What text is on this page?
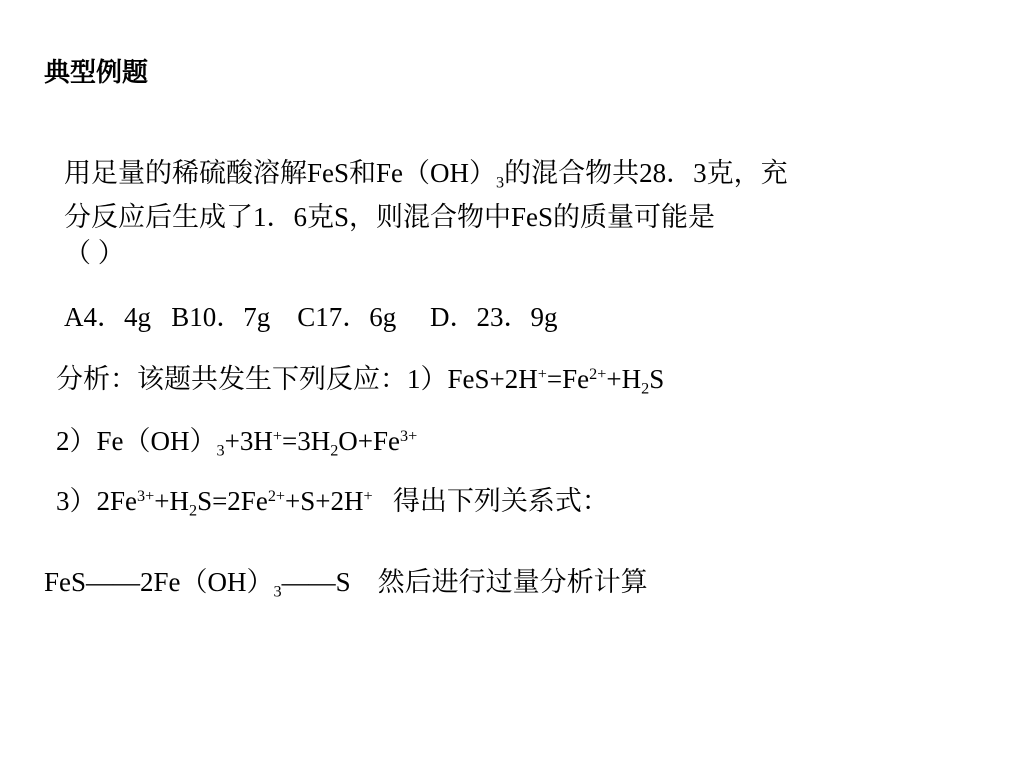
典型例题
用足量的稀硫酸溶解FeS和$Fe(OH)_3$的混合物共28．3克，充
分反应后生成了1．6克S，则混合物中FeS的质量可能是
（ ）
A4．4g   B10．7g    C17．6g     D．23．9g
分析：该题共发生下列反应：$1)FeS+2H^+=Fe^{2+}+H_2S$
$2)Fe(OH)_3+3H^+=3H_2O+Fe^{3+}$
$3)2Fe^{3+}+H_2S=2Fe^{2+}+S+2H^+$   得出下列关系式：
$FeS——2Fe(OH)_3——S$    然后进行过量分析计算
